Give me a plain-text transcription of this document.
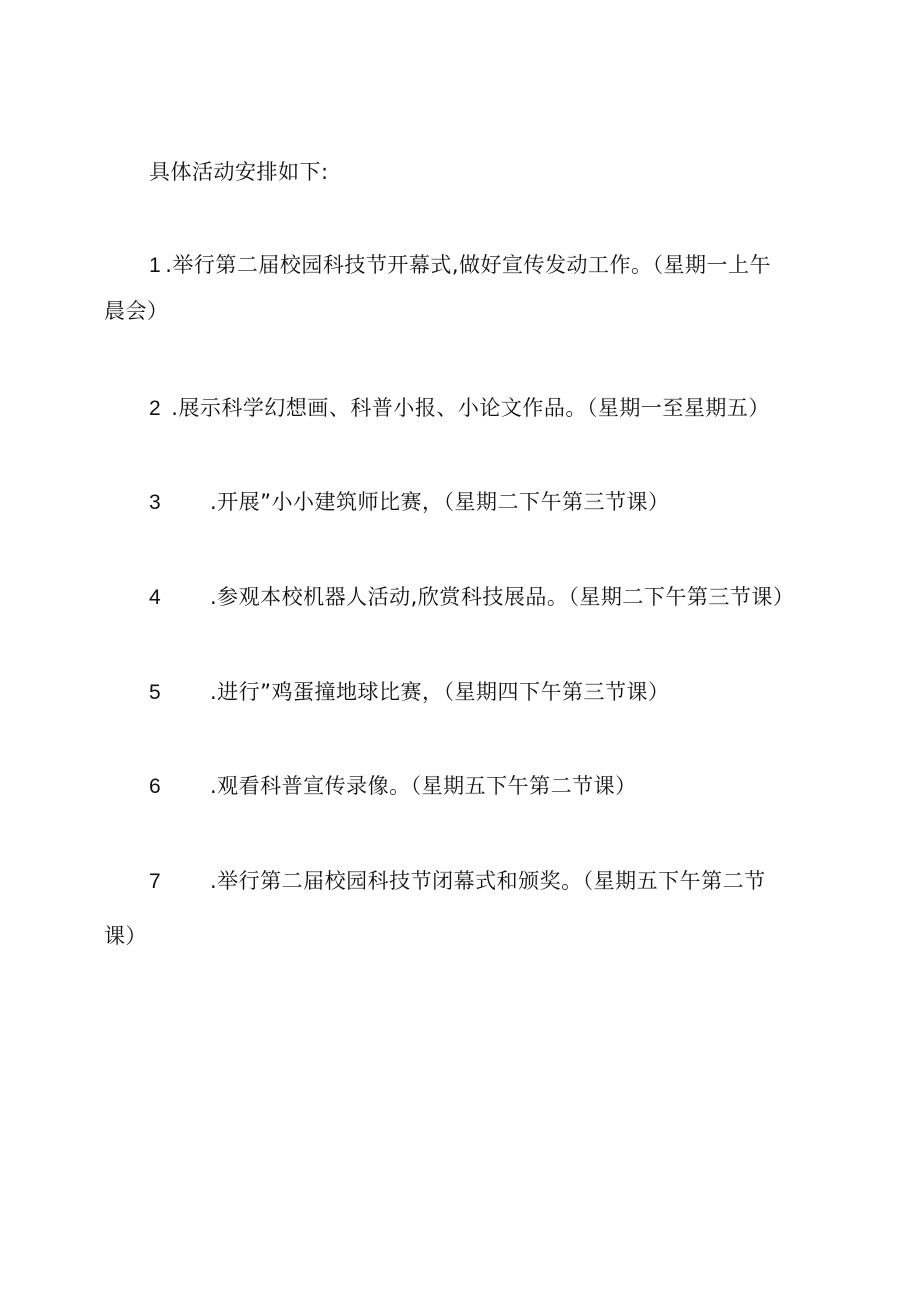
具体活动安排如下:
1 .举行第二届校园科技节开幕式,做好宣传发动工作。（星期一上午
晨会）
2 .展示科学幻想画、科普小报、小论文作品。（星期一至星期五）
3 .开展”小小建筑师比赛，（星期二下午第三节课）
4 .参观本校机器人活动,欣赏科技展品。（星期二下午第三节课）
5 .进行”鸡蛋撞地球比赛，（星期四下午第三节课）
6 .观看科普宣传录像。（星期五下午第二节课）
7 .举行第二届校园科技节闭幕式和颁奖。（星期五下午第二节
课）
